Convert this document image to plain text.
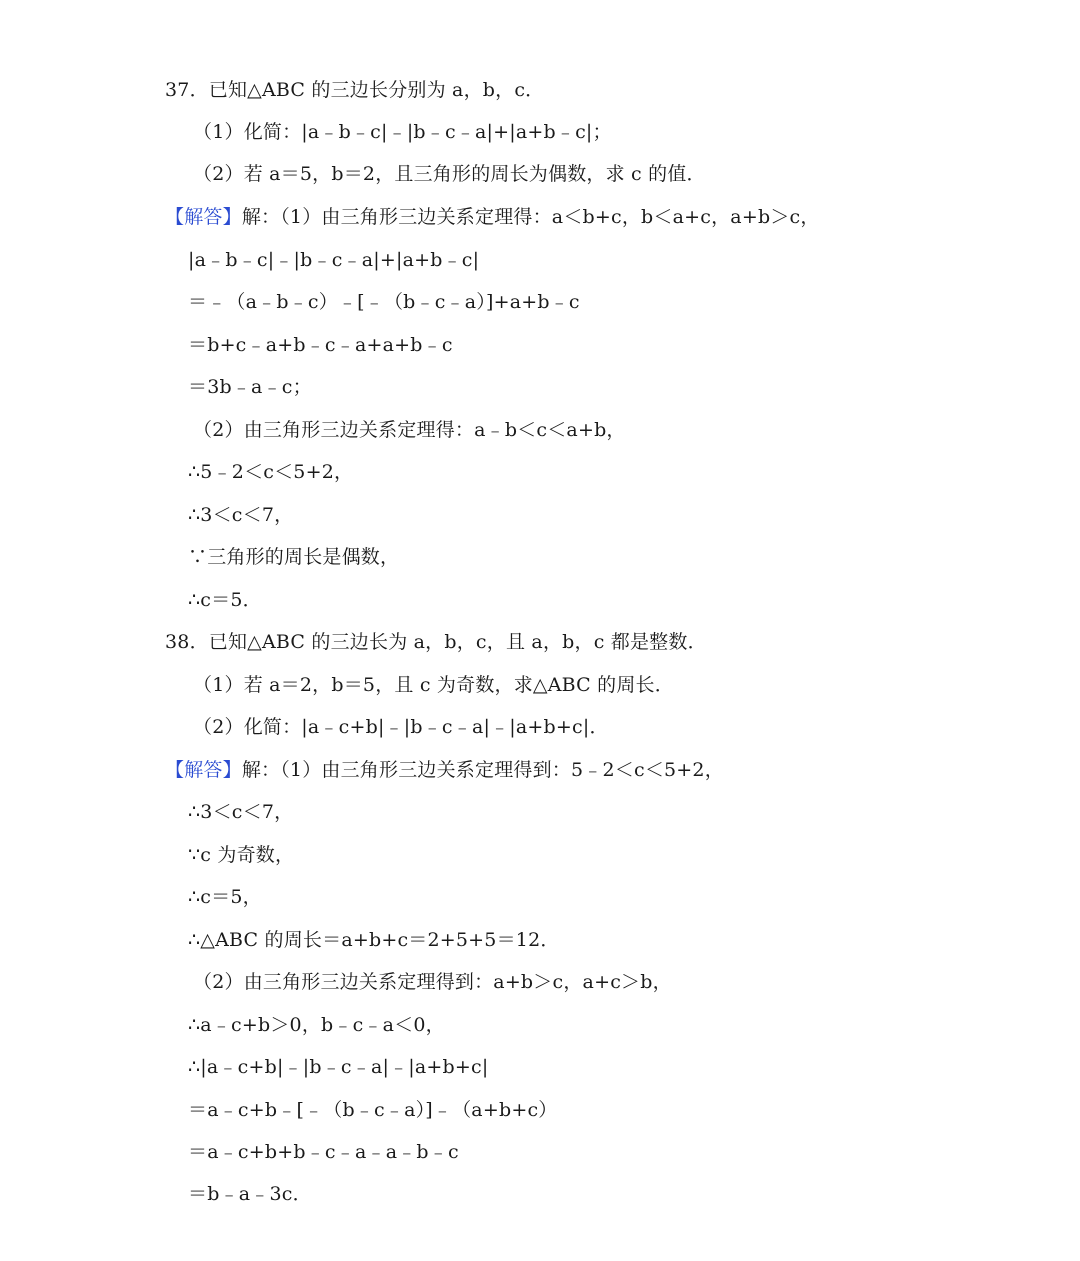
37．已知△ABC 的三边长分别为 a，b，c．
（1）化简：|a﹣b﹣c|﹣|b﹣c﹣a|+|a+b﹣c|；
（2）若 a＝5，b＝2，且三角形的周长为偶数，求 c 的值．
【解答】解：（1）由三角形三边关系定理得：a＜b+c，b＜a+c，a+b＞c，
|a﹣b﹣c|﹣|b﹣c﹣a|+|a+b﹣c|
＝﹣（a﹣b﹣c）﹣[﹣（b﹣c﹣a）]+a+b﹣c
＝b+c﹣a+b﹣c﹣a+a+b﹣c
＝3b﹣a﹣c；
（2）由三角形三边关系定理得：a﹣b＜c＜a+b，
∴5﹣2＜c＜5+2，
∴3＜c＜7，
∵三角形的周长是偶数，
∴c＝5．
38．已知△ABC 的三边长为 a，b，c，且 a，b，c 都是整数．
（1）若 a＝2，b＝5，且 c 为奇数，求△ABC 的周长．
（2）化简：|a﹣c+b|﹣|b﹣c﹣a|﹣|a+b+c|．
【解答】解：（1）由三角形三边关系定理得到：5﹣2＜c＜5+2，
∴3＜c＜7，
∵c 为奇数，
∴c＝5，
∴△ABC 的周长＝a+b+c＝2+5+5＝12．
（2）由三角形三边关系定理得到：a+b＞c，a+c＞b，
∴a﹣c+b＞0，b﹣c﹣a＜0，
∴|a﹣c+b|﹣|b﹣c﹣a|﹣|a+b+c|
＝a﹣c+b﹣[﹣（b﹣c﹣a）]﹣（a+b+c）
＝a﹣c+b+b﹣c﹣a﹣a﹣b﹣c
＝b﹣a﹣3c．
